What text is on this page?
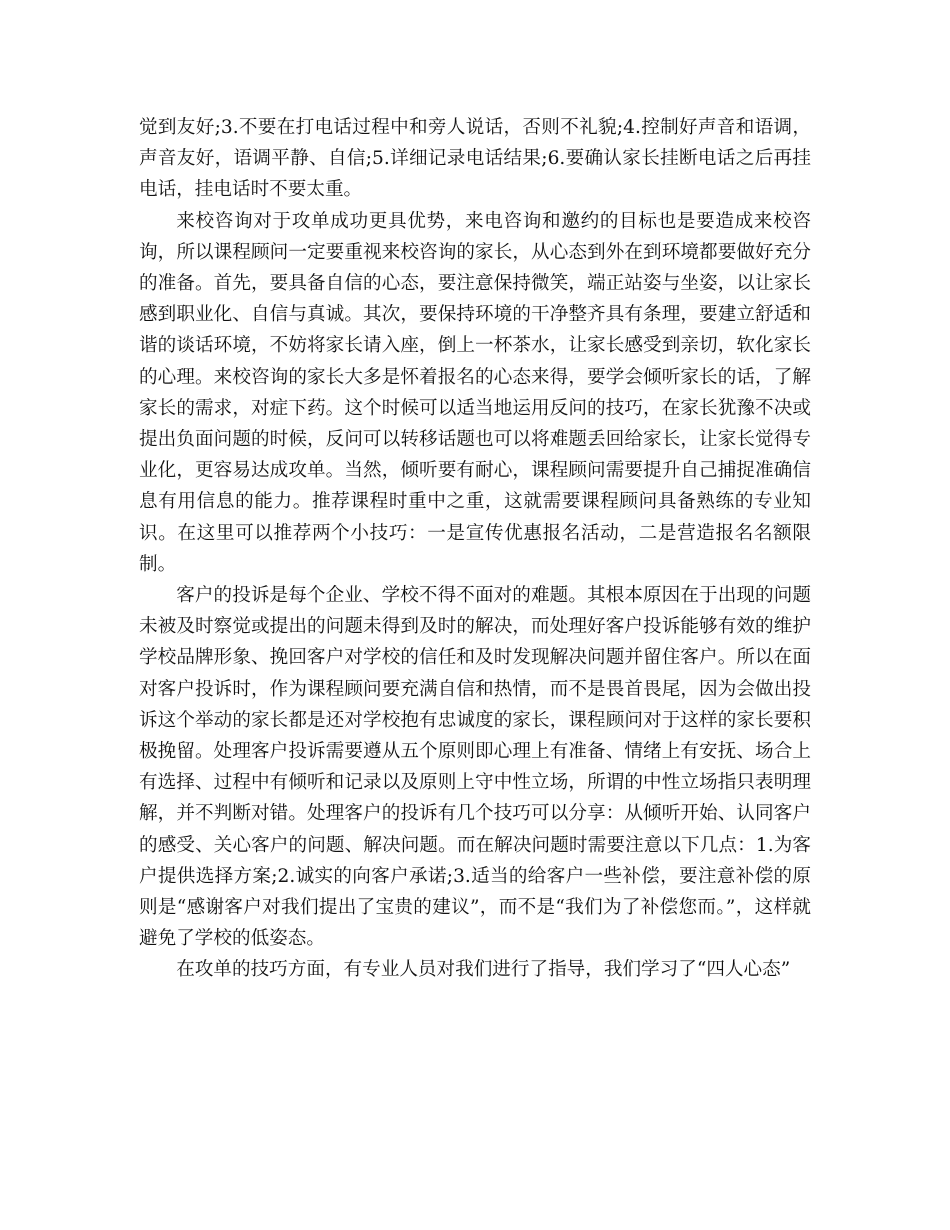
觉到友好;3.不要在打电话过程中和旁人说话，否则不礼貌;4.控制好声音和语调，声音友好，语调平静、自信;5.详细记录电话结果;6.要确认家长挂断电话之后再挂电话，挂电话时不要太重。

来校咨询对于攻单成功更具优势，来电咨询和邀约的目标也是要造成来校咨询，所以课程顾问一定要重视来校咨询的家长，从心态到外在到环境都要做好充分的准备。首先，要具备自信的心态，要注意保持微笑，端正站姿与坐姿，以让家长感到职业化、自信与真诚。其次，要保持环境的干净整齐具有条理，要建立舒适和谐的谈话环境，不妨将家长请入座，倒上一杯茶水，让家长感受到亲切，软化家长的心理。来校咨询的家长大多是怀着报名的心态来得，要学会倾听家长的话，了解家长的需求，对症下药。这个时候可以适当地运用反问的技巧，在家长犹豫不决或提出负面问题的时候，反问可以转移话题也可以将难题丢回给家长，让家长觉得专业化，更容易达成攻单。当然，倾听要有耐心，课程顾问需要提升自己捕捉准确信息有用信息的能力。推荐课程时重中之重，这就需要课程顾问具备熟练的专业知识。在这里可以推荐两个小技巧：一是宣传优惠报名活动，二是营造报名名额限制。

客户的投诉是每个企业、学校不得不面对的难题。其根本原因在于出现的问题未被及时察觉或提出的问题未得到及时的解决，而处理好客户投诉能够有效的维护学校品牌形象、挽回客户对学校的信任和及时发现解决问题并留住客户。所以在面对客户投诉时，作为课程顾问要充满自信和热情，而不是畏首畏尾，因为会做出投诉这个举动的家长都是还对学校抱有忠诚度的家长，课程顾问对于这样的家长要积极挽留。处理客户投诉需要遵从五个原则即心理上有准备、情绪上有安抚、场合上有选择、过程中有倾听和记录以及原则上守中性立场，所谓的中性立场指只表明理解，并不判断对错。处理客户的投诉有几个技巧可以分享：从倾听开始、认同客户的感受、关心客户的问题、解决问题。而在解决问题时需要注意以下几点：1.为客户提供选择方案;2.诚实的向客户承诺;3.适当的给客户一些补偿，要注意补偿的原则是“感谢客户对我们提出了宝贵的建议”，而不是“我们为了补偿您而。”，这样就避免了学校的低姿态。

在攻单的技巧方面，有专业人员对我们进行了指导，我们学习了“四人心态”
